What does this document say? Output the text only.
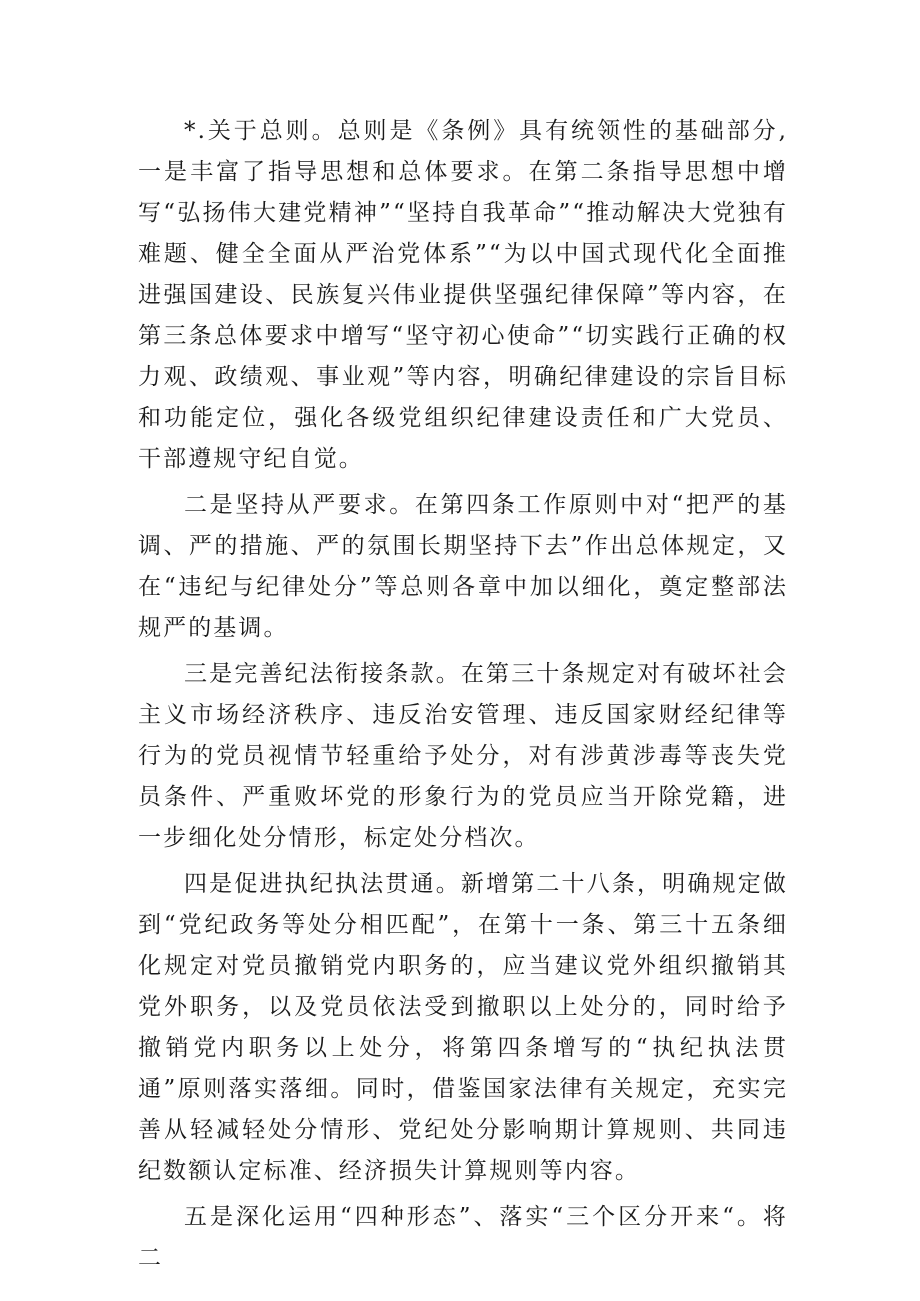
*.关于总则。总则是《条例》具有统领性的基础部分,一是丰富了指导思想和总体要求。在第二条指导思想中增写“弘扬伟大建党精神”“坚持自我革命”“推动解决大党独有难题、健全全面从严治党体系”“为以中国式现代化全面推进强国建设、民族复兴伟业提供坚强纪律保障”等内容，在第三条总体要求中增写“坚守初心使命”“切实践行正确的权力观、政绩观、事业观”等内容，明确纪律建设的宗旨目标和功能定位，强化各级党组织纪律建设责任和广大党员、干部遵规守纪自觉。

二是坚持从严要求。在第四条工作原则中对“把严的基调、严的措施、严的氛围长期坚持下去”作出总体规定，又在“违纪与纪律处分”等总则各章中加以细化，奠定整部法规严的基调。

三是完善纪法衔接条款。在第三十条规定对有破坏社会主义市场经济秩序、违反治安管理、违反国家财经纪律等行为的党员视情节轻重给予处分，对有涉黄涉毒等丧失党员条件、严重败坏党的形象行为的党员应当开除党籍，进一步细化处分情形，标定处分档次。

四是促进执纪执法贯通。新增第二十八条，明确规定做到“党纪政务等处分相匹配”，在第十一条、第三十五条细化规定对党员撤销党内职务的，应当建议党外组织撤销其党外职务，以及党员依法受到撤职以上处分的，同时给予撤销党内职务以上处分，将第四条增写的“执纪执法贯通”原则落实落细。同时，借鉴国家法律有关规定，充实完善从轻减轻处分情形、党纪处分影响期计算规则、共同违纪数额认定标准、经济损失计算规则等内容。

五是深化运用“四种形态”、落实“三个区分开来“。将二
